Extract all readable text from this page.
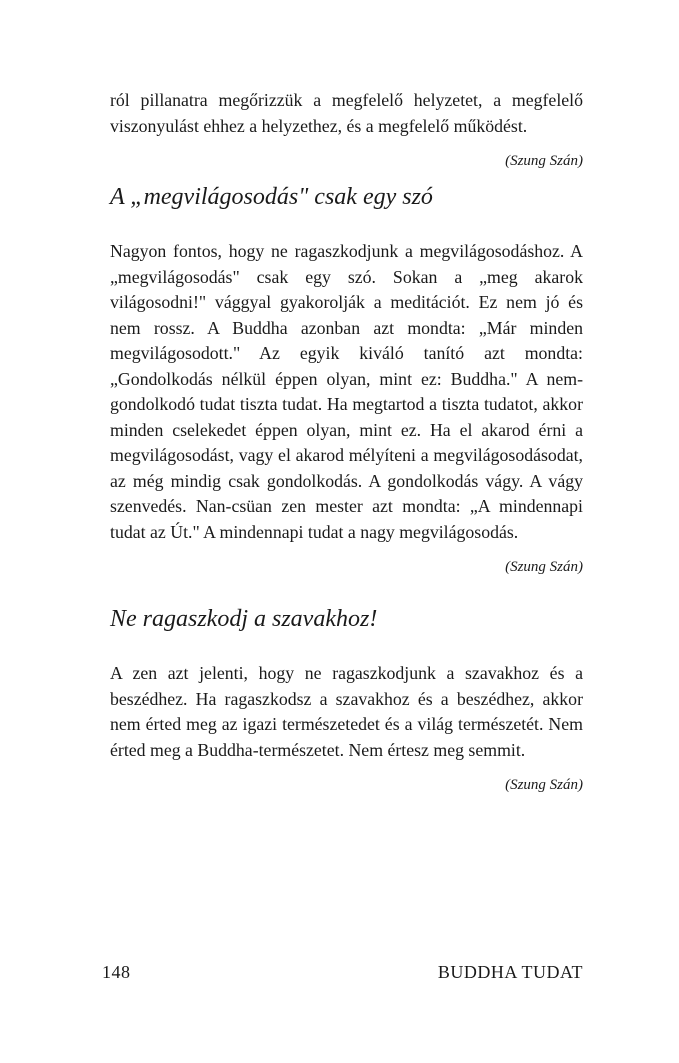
ról pillanatra megőrizzük a megfelelő helyzetet, a megfelelő viszonyulást ehhez a helyzethez, és a megfelelő működést.

(Szung Szán)

A „megvilágosodás" csak egy szó

Nagyon fontos, hogy ne ragaszkodjunk a megvilágosodáshoz. A „megvilágosodás" csak egy szó. Sokan a „meg akarok világosodni!" vággyal gyakorolják a meditációt. Ez nem jó és nem rossz. A Buddha azonban azt mondta: „Már minden megvilágosodott." Az egyik kiváló tanító azt mondta: „Gondolkodás nélkül éppen olyan, mint ez: Buddha." A nem-gondolkodó tudat tiszta tudat. Ha megtartod a tiszta tudatot, akkor minden cselekedet éppen olyan, mint ez. Ha el akarod érni a megvilágosodást, vagy el akarod mélyíteni a megvilágosodásodat, az még mindig csak gondolkodás. A gondolkodás vágy. A vágy szenvedés. Nan-csüan zen mester azt mondta: „A mindennapi tudat az Út." A mindennapi tudat a nagy megvilágosodás.

(Szung Szán)

Ne ragaszkodj a szavakhoz!

A zen azt jelenti, hogy ne ragaszkodjunk a szavakhoz és a beszédhez. Ha ragaszkodsz a szavakhoz és a beszédhez, akkor nem érted meg az igazi természetedet és a világ természetét. Nem érted meg a Buddha-természetet. Nem értesz meg semmit.

(Szung Szán)

148	BUDDHA TUDAT
